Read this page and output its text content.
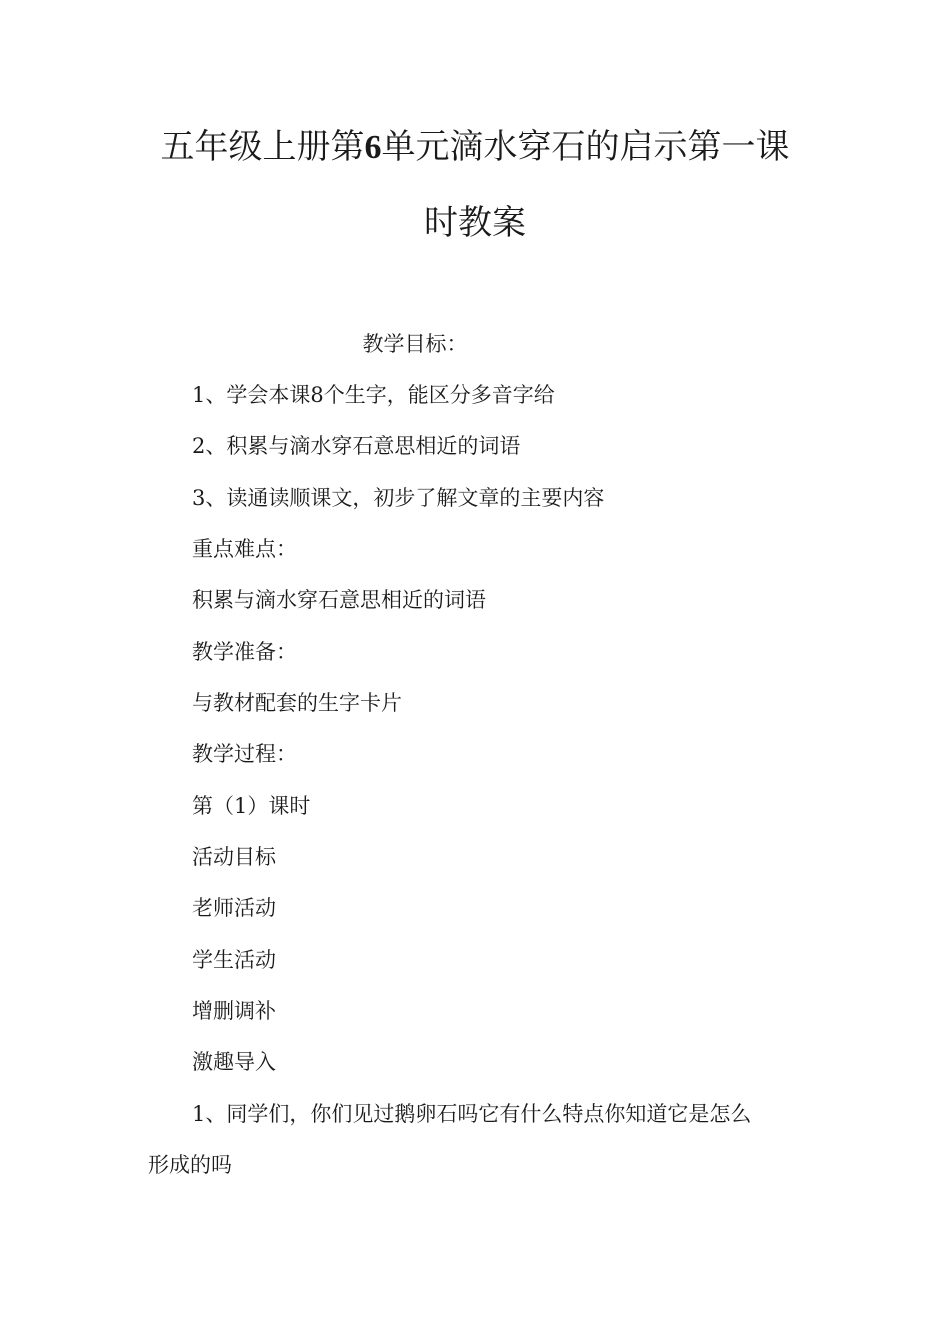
五年级上册第6单元滴水穿石的启示第一课
时教案
教学目标：
1、学会本课8个生字，能区分多音字给
2、积累与滴水穿石意思相近的词语
3、读通读顺课文，初步了解文章的主要内容
重点难点：
积累与滴水穿石意思相近的词语
教学准备：
与教材配套的生字卡片
教学过程：
第（1）课时
活动目标
老师活动
学生活动
增删调补
激趣导入
1、同学们，你们见过鹅卵石吗它有什么特点你知道它是怎么
形成的吗
